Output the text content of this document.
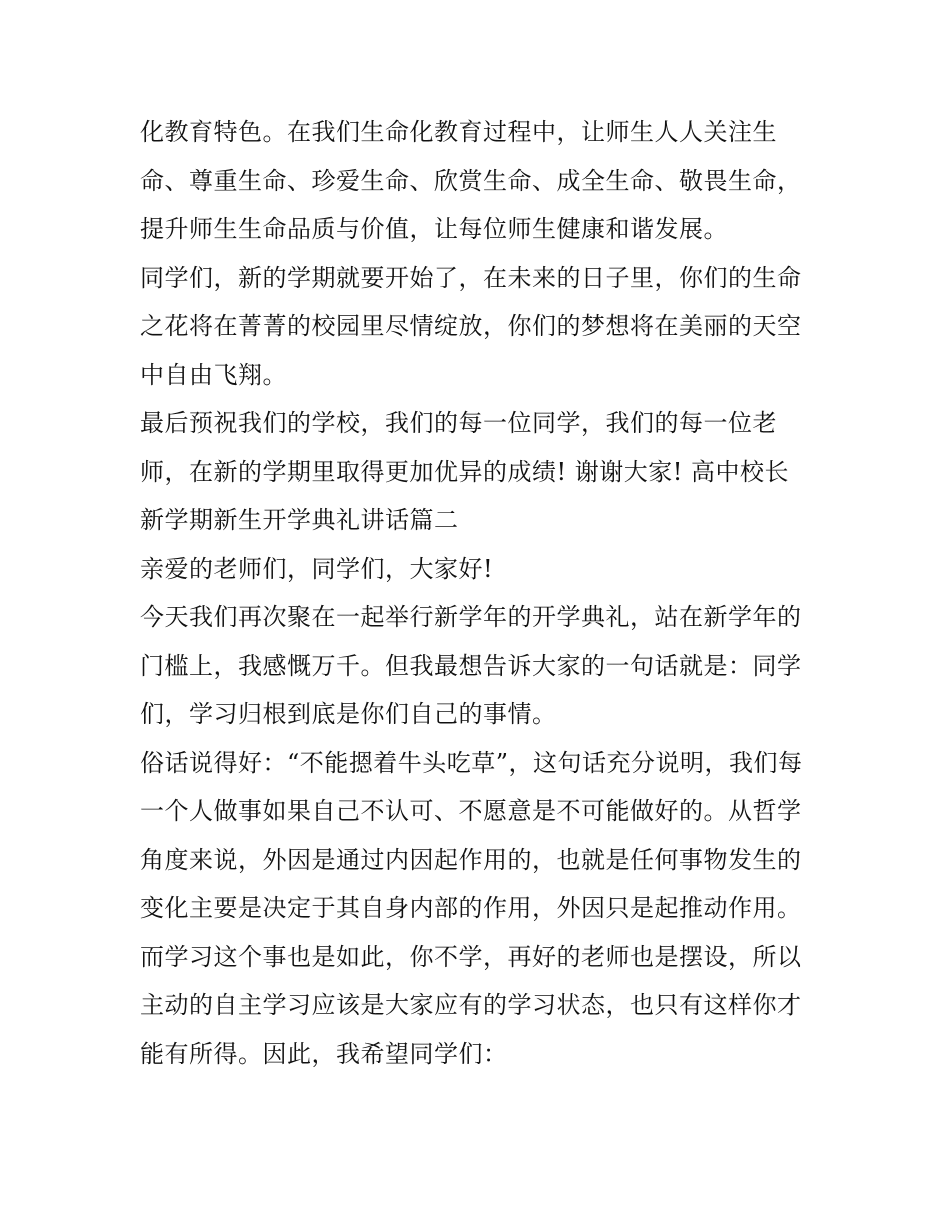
化教育特色。在我们生命化教育过程中，让师生人人关注生
命、尊重生命、珍爱生命、欣赏生命、成全生命、敬畏生命，
提升师生生命品质与价值，让每位师生健康和谐发展。
同学们，新的学期就要开始了，在未来的日子里，你们的生命
之花将在菁菁的校园里尽情绽放，你们的梦想将在美丽的天空
中自由飞翔。
最后预祝我们的学校，我们的每一位同学，我们的每一位老
师，在新的学期里取得更加优异的成绩! 谢谢大家! 高中校长
新学期新生开学典礼讲话篇二
亲爱的老师们，同学们，大家好!
今天我们再次聚在一起举行新学年的开学典礼，站在新学年的
门槛上，我感慨万千。但我最想告诉大家的一句话就是：同学
们，学习归根到底是你们自己的事情。
俗话说得好：“不能摁着牛头吃草”，这句话充分说明，我们每
一个人做事如果自己不认可、不愿意是不可能做好的。从哲学
角度来说，外因是通过内因起作用的，也就是任何事物发生的
变化主要是决定于其自身内部的作用，外因只是起推动作用。
而学习这个事也是如此，你不学，再好的老师也是摆设，所以
主动的自主学习应该是大家应有的学习状态，也只有这样你才
能有所得。因此，我希望同学们：
